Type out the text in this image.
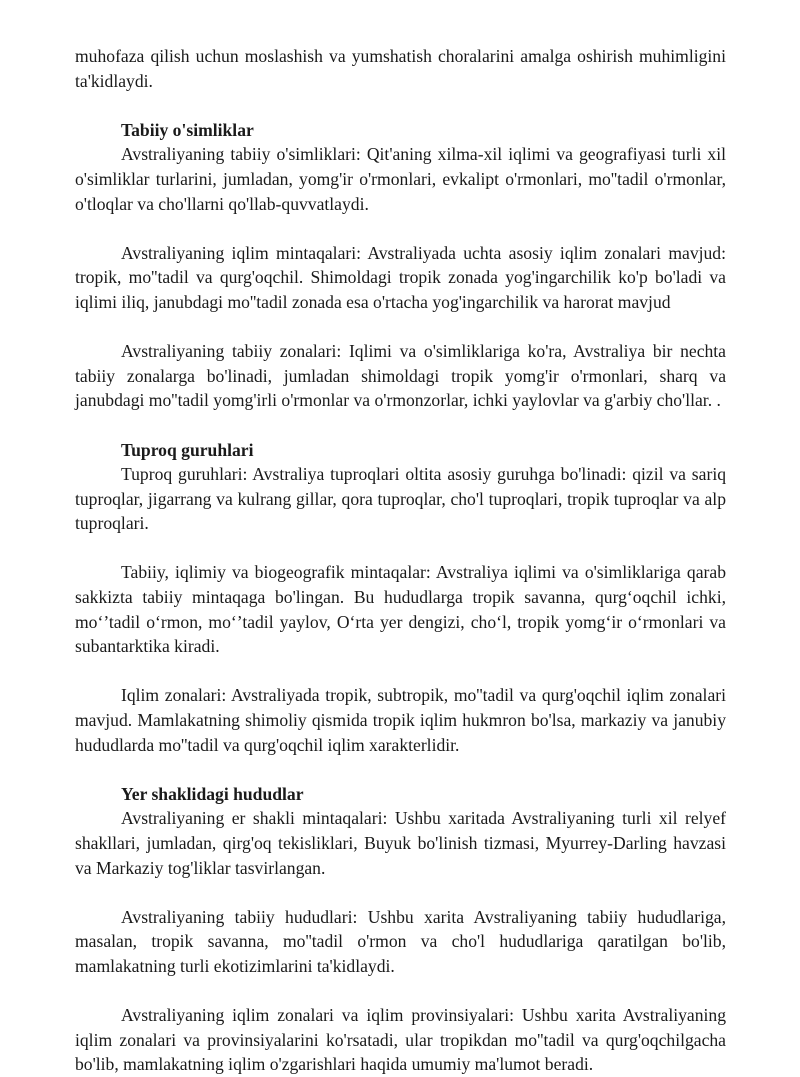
muhofaza qilish uchun moslashish va yumshatish choralarini amalga oshirish muhimligini ta'kidlaydi.

Tabiiy o'simliklar

Avstraliyaning tabiiy o'simliklari: Qit'aning xilma-xil iqlimi va geografiyasi turli xil o'simliklar turlarini, jumladan, yomg'ir o'rmonlari, evkalipt o'rmonlari, mo''tadil o'rmonlar, o'tloqlar va cho'llarni qo'llab-quvvatlaydi.

Avstraliyaning iqlim mintaqalari: Avstraliyada uchta asosiy iqlim zonalari mavjud: tropik, mo''tadil va qurg'oqchil. Shimoldagi tropik zonada yog'ingarchilik ko'p bo'ladi va iqlimi iliq, janubdagi mo''tadil zonada esa o'rtacha yog'ingarchilik va harorat mavjud

Avstraliyaning tabiiy zonalari: Iqlimi va o'simliklariga ko'ra, Avstraliya bir nechta tabiiy zonalarga bo'linadi, jumladan shimoldagi tropik yomg'ir o'rmonlari, sharq va janubdagi mo''tadil yomg'irli o'rmonlar va o'rmonzorlar, ichki yaylovlar va g'arbiy cho'llar. .

Tuproq guruhlari

Tuproq guruhlari: Avstraliya tuproqlari oltita asosiy guruhga bo'linadi: qizil va sariq tuproqlar, jigarrang va kulrang gillar, qora tuproqlar, cho'l tuproqlari, tropik tuproqlar va alp tuproqlari.

Tabiiy, iqlimiy va biogeografik mintaqalar: Avstraliya iqlimi va o'simliklariga qarab sakkizta tabiiy mintaqaga bo'lingan. Bu hududlarga tropik savanna, qurg‘oqchil ichki, mo‘’tadil o‘rmon, mo‘’tadil yaylov, O‘rta yer dengizi, cho‘l, tropik yomg‘ir o‘rmonlari va subantarktika kiradi.

Iqlim zonalari: Avstraliyada tropik, subtropik, mo''tadil va qurg'oqchil iqlim zonalari mavjud. Mamlakatning shimoliy qismida tropik iqlim hukmron bo'lsa, markaziy va janubiy hududlarda mo''tadil va qurg'oqchil iqlim xarakterlidir.

Yer shaklidagi hududlar

Avstraliyaning er shakli mintaqalari: Ushbu xaritada Avstraliyaning turli xil relyef shakllari, jumladan, qirg'oq tekisliklari, Buyuk bo'linish tizmasi, Myurrey-Darling havzasi va Markaziy tog'liklar tasvirlangan.

Avstraliyaning tabiiy hududlari: Ushbu xarita Avstraliyaning tabiiy hududlariga, masalan, tropik savanna, mo''tadil o'rmon va cho'l hududlariga qaratilgan bo'lib, mamlakatning turli ekotizimlarini ta'kidlaydi.

Avstraliyaning iqlim zonalari va iqlim provinsiyalari: Ushbu xarita Avstraliyaning iqlim zonalari va provinsiyalarini ko'rsatadi, ular tropikdan mo''tadil va qurg'oqchilgacha bo'lib, mamlakatning iqlim o'zgarishlari haqida umumiy ma'lumot beradi.
